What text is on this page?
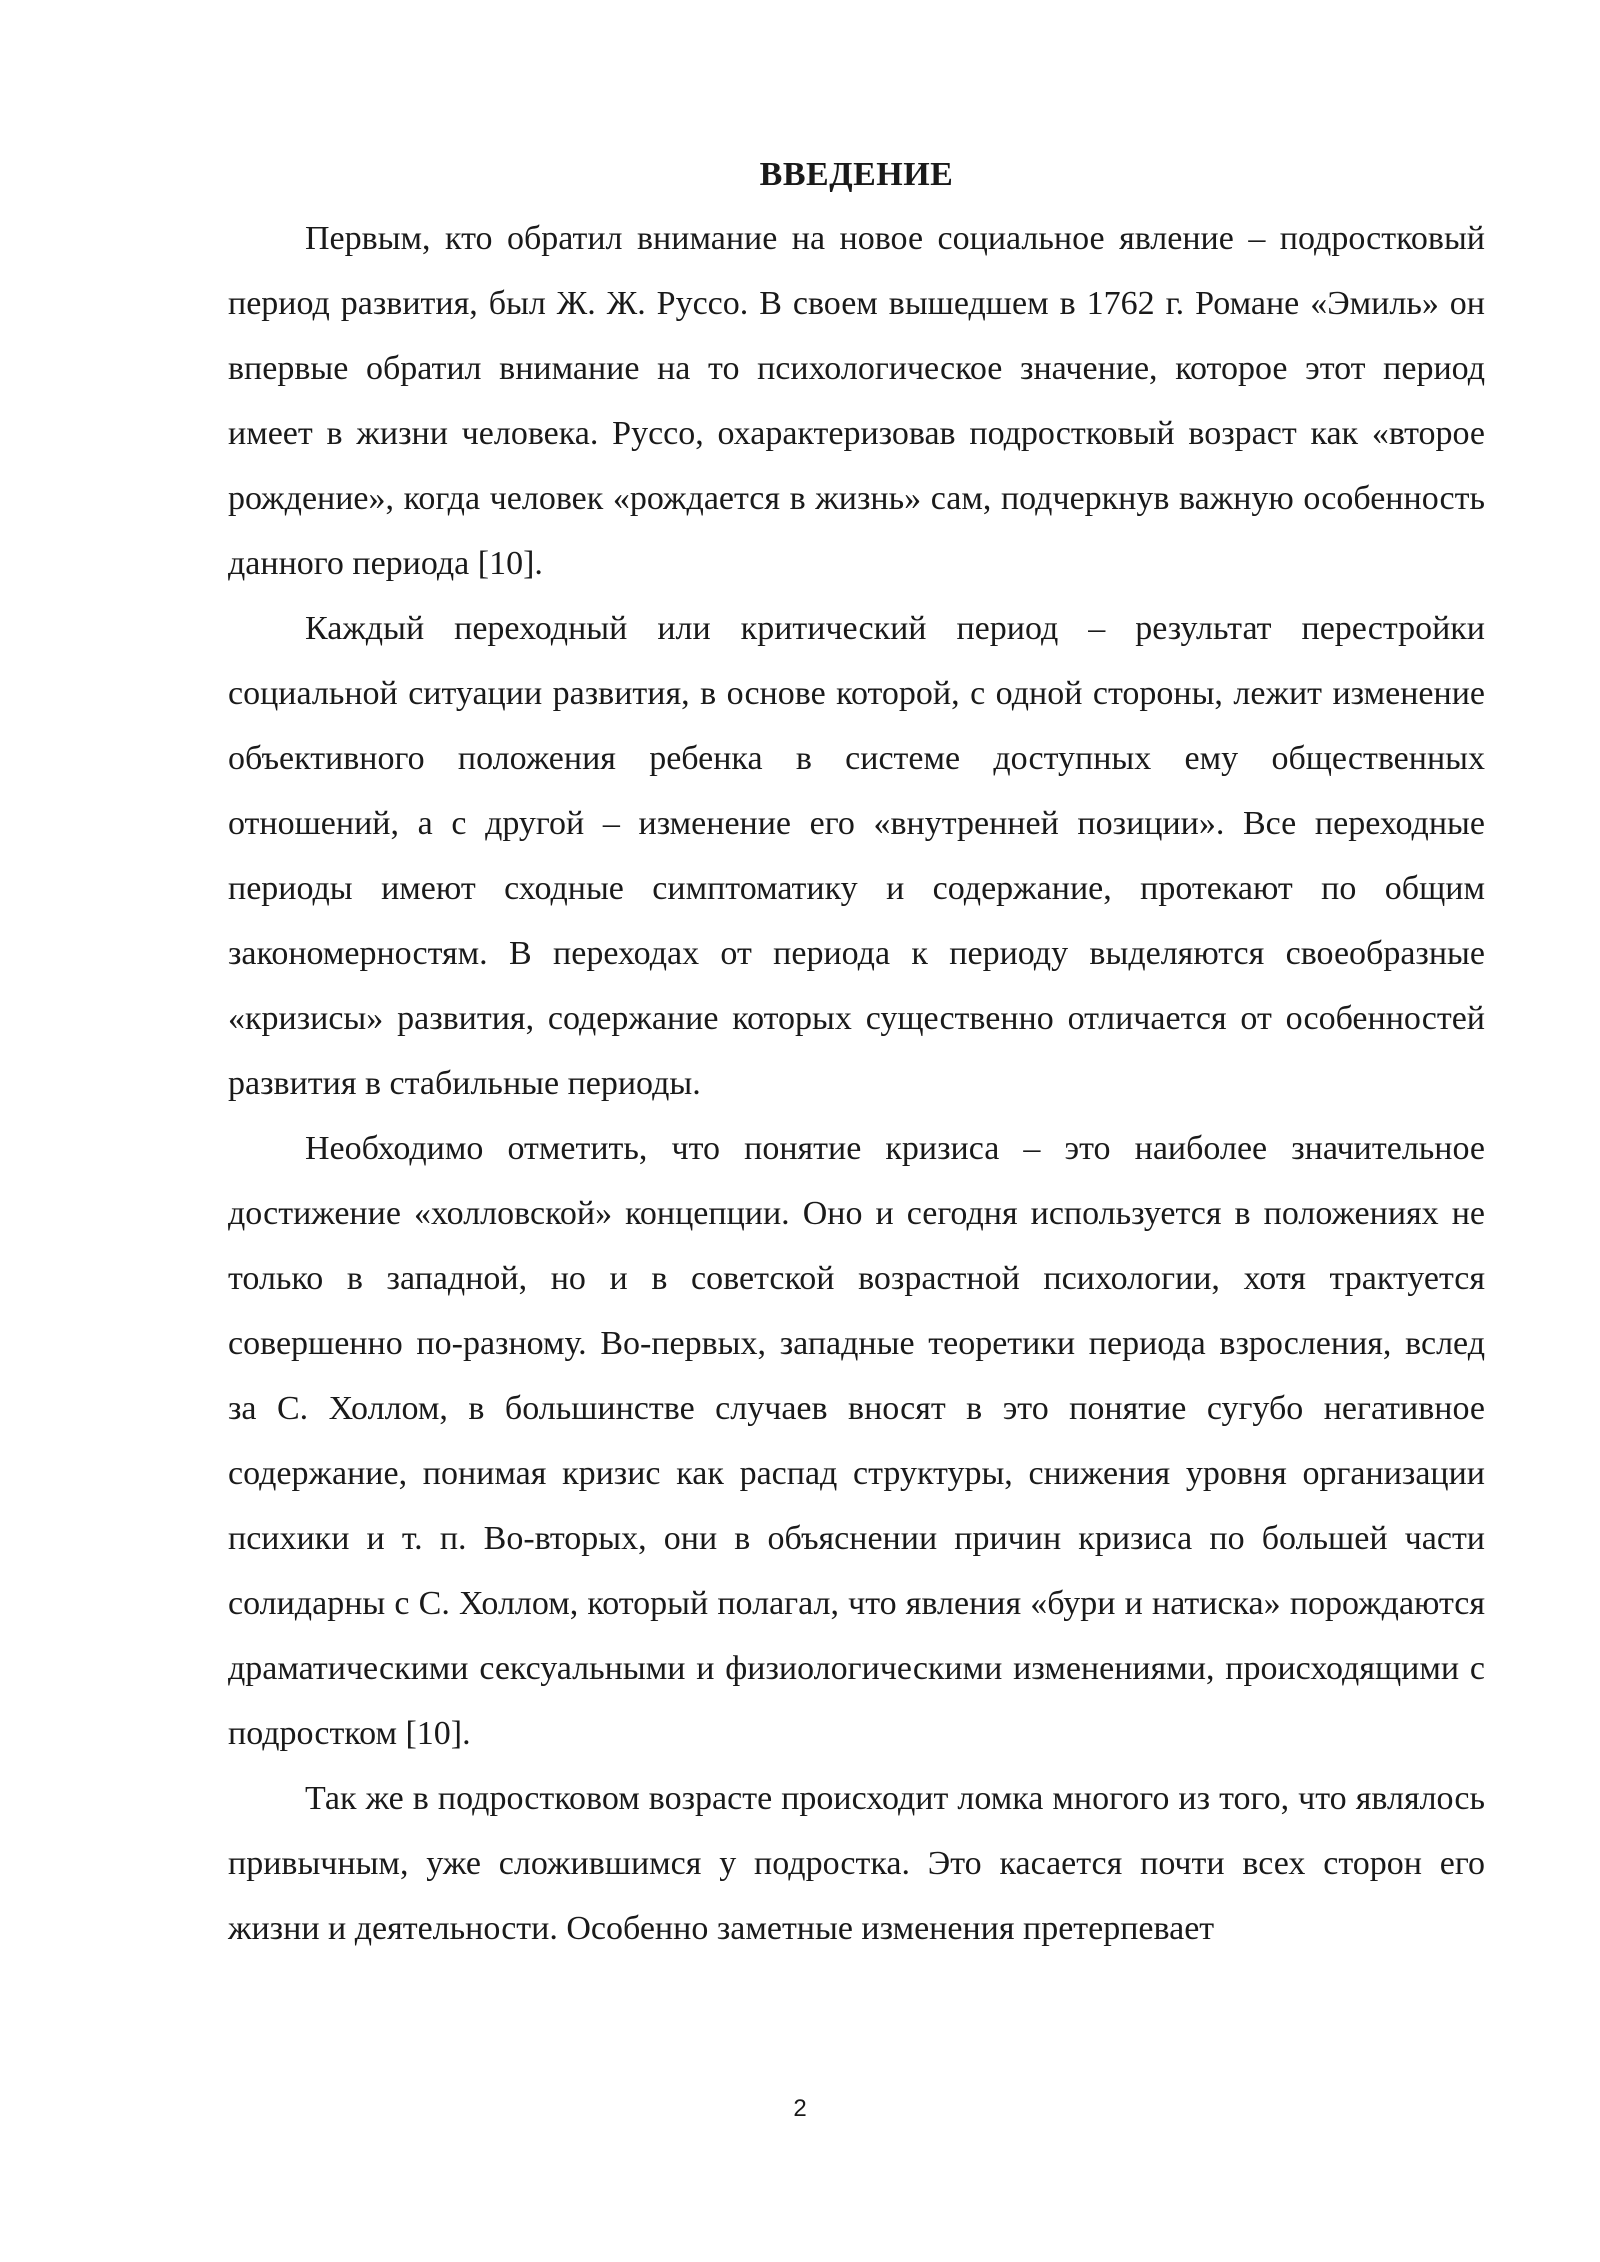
ВВЕДЕНИЕ

Первым, кто обратил внимание на новое социальное явление – подростковый период развития, был Ж. Ж. Руссо. В своем вышедшем в 1762 г. Романе «Эмиль» он впервые обратил внимание на то психологическое значение, которое этот период имеет в жизни человека. Руссо, охарактеризовав подростковый возраст как «второе рождение», когда человек «рождается в жизнь» сам, подчеркнув важную особенность данного периода [10].

Каждый переходный или критический период – результат перестройки социальной ситуации развития, в основе которой, с одной стороны, лежит изменение объективного положения ребенка в системе доступных ему общественных отношений, а с другой – изменение его «внутренней позиции». Все переходные периоды имеют сходные симптоматику и содержание, протекают по общим закономерностям. В переходах от периода к периоду выделяются своеобразные «кризисы» развития, содержание которых существенно отличается от особенностей развития в стабильные периоды.

Необходимо отметить, что понятие кризиса – это наиболее значительное достижение «холловской» концепции. Оно и сегодня используется в положениях не только в западной, но и в советской возрастной психологии, хотя трактуется совершенно по-разному. Во-первых, западные теоретики периода взросления, вслед за С. Холлом, в большинстве случаев вносят в это понятие сугубо негативное содержание, понимая кризис как распад структуры, снижения уровня организации психики и т. п. Во-вторых, они в объяснении причин кризиса по большей части солидарны с С. Холлом, который полагал, что явления «бури и натиска» порождаются драматическими сексуальными и физиологическими изменениями, происходящими с подростком [10].

Так же в подростковом возрасте происходит ломка многого из того, что являлось привычным, уже сложившимся у подростка. Это касается почти всех сторон его жизни и деятельности. Особенно заметные изменения претерпевает

2
